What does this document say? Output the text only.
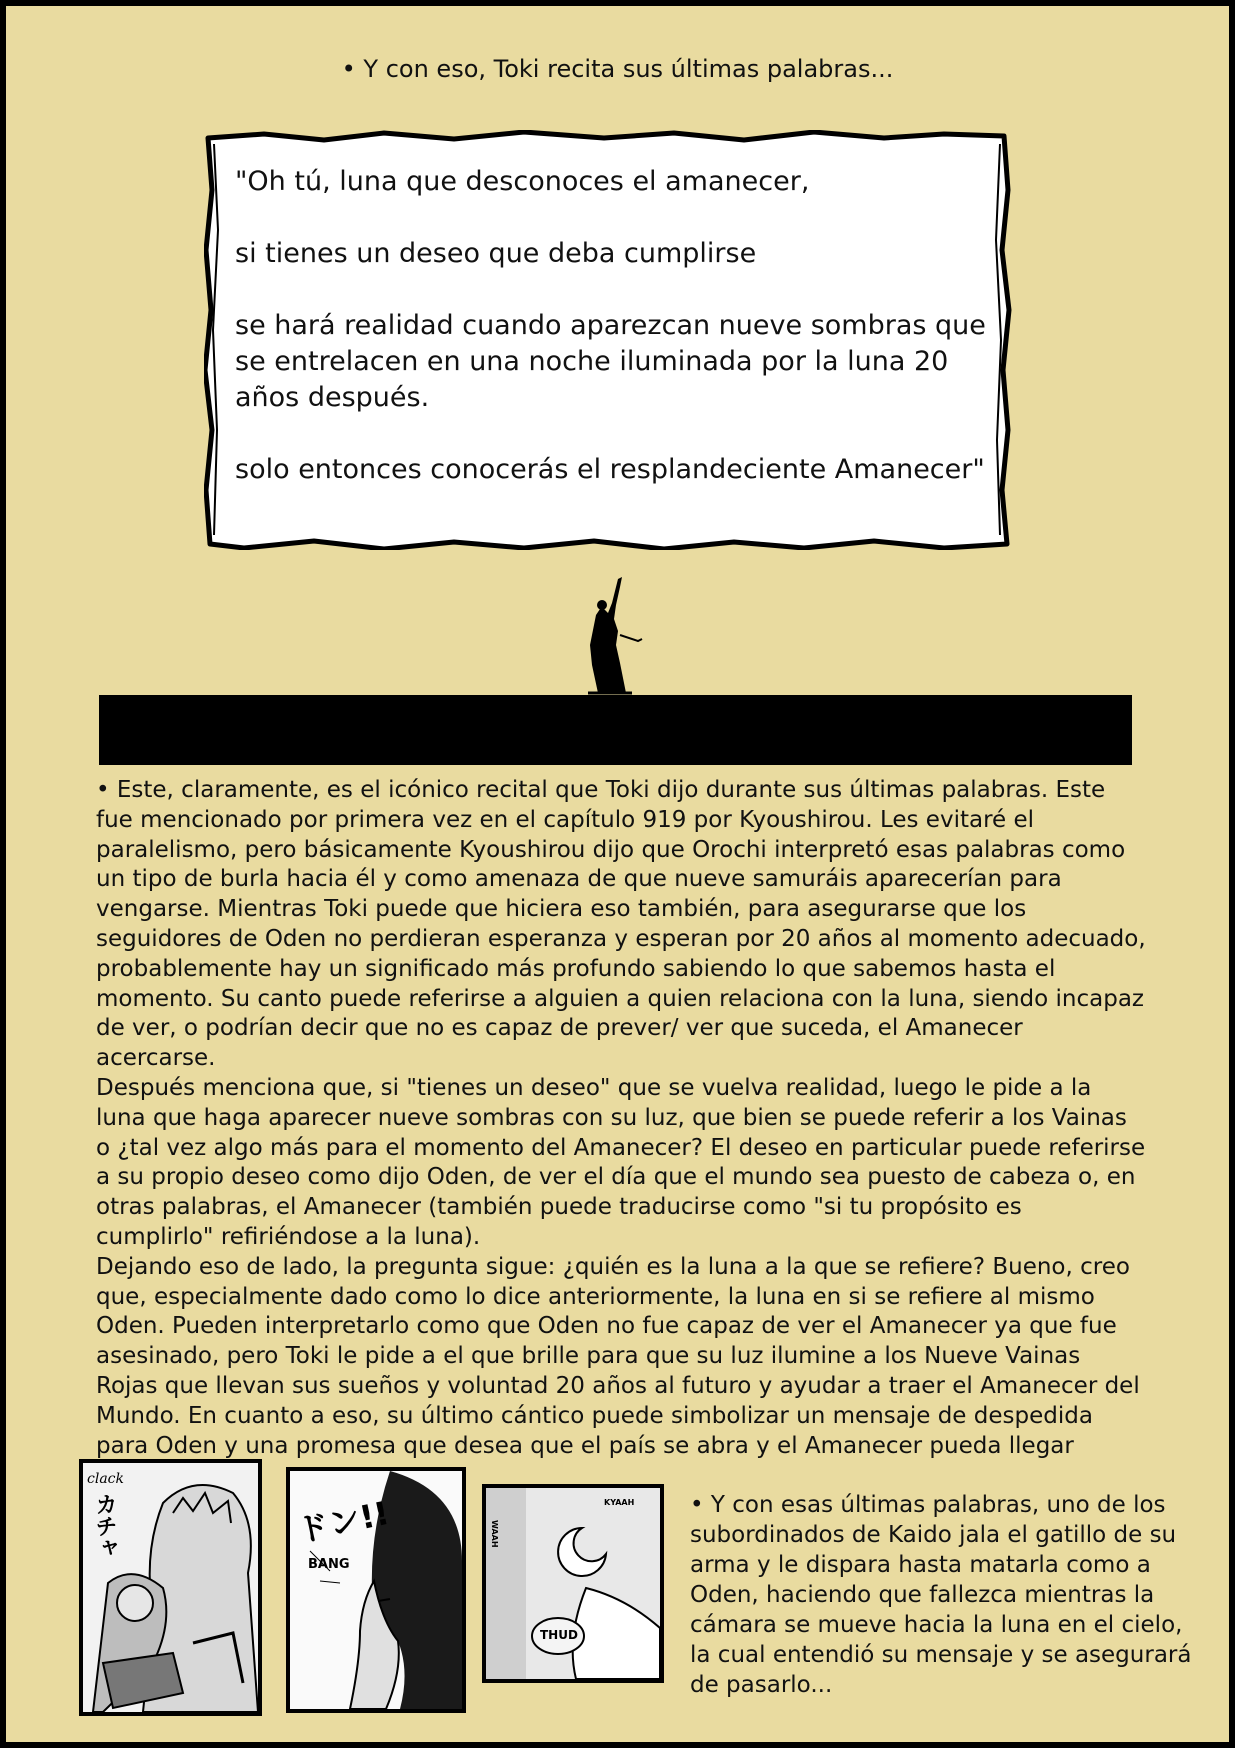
• Y con eso, Toki recita sus últimas palabras...

"Oh tú, luna que desconoces el amanecer,

si tienes un deseo que deba cumplirse

se hará realidad cuando aparezcan nueve sombras que se entrelacen en una noche iluminada por la luna 20 años después.

solo entonces conocerás el resplandeciente Amanecer"

• Este, claramente, es el icónico recital que Toki dijo durante sus últimas palabras. Este fue mencionado por primera vez en el capítulo 919 por Kyoushirou. Les evitaré el paralelismo, pero básicamente Kyoushirou dijo que Orochi interpretó esas palabras como un tipo de burla hacia él y como amenaza de que nueve samuráis aparecerían para vengarse. Mientras Toki puede que hiciera eso también, para asegurarse que los seguidores de Oden no perdieran esperanza y esperan por 20 años al momento adecuado, probablemente hay un significado más profundo sabiendo lo que sabemos hasta el momento. Su canto puede referirse a alguien a quien relaciona con la luna, siendo incapaz de ver, o podrían decir que no es capaz de prever/ ver que suceda, el Amanecer acercarse.

Después menciona que, si "tienes un deseo" que se vuelva realidad, luego le pide a la luna que haga aparecer nueve sombras con su luz, que bien se puede referir a los Vainas o ¿tal vez algo más para el momento del Amanecer? El deseo en particular puede referirse a su propio deseo como dijo Oden, de ver el día que el mundo sea puesto de cabeza o, en otras palabras, el Amanecer (también puede traducirse como "si tu propósito es cumplirlo" refiriéndose a la luna).

Dejando eso de lado, la pregunta sigue: ¿quién es la luna a la que se refiere? Bueno, creo que, especialmente dado como lo dice anteriormente, la luna en si se refiere al mismo Oden. Pueden interpretarlo como que Oden no fue capaz de ver el Amanecer ya que fue asesinado, pero Toki le pide a el que brille para que su luz ilumine a los Nueve Vainas Rojas que llevan sus sueños y voluntad 20 años al futuro y ayudar a traer el Amanecer del Mundo. En cuanto a eso, su último cántico puede simbolizar un mensaje de despedida para Oden y una promesa que desea que el país se abra y el Amanecer pueda llegar

clack
カチャ	ドン!!
BANG
KYAAH
WAAH
THUD
• Y con esas últimas palabras, uno de los subordinados de Kaido jala el gatillo de su arma y le dispara hasta matarla como a Oden, haciendo que fallezca mientras la cámara se mueve hacia la luna en el cielo, la cual entendió su mensaje y se asegurará de pasarlo...
